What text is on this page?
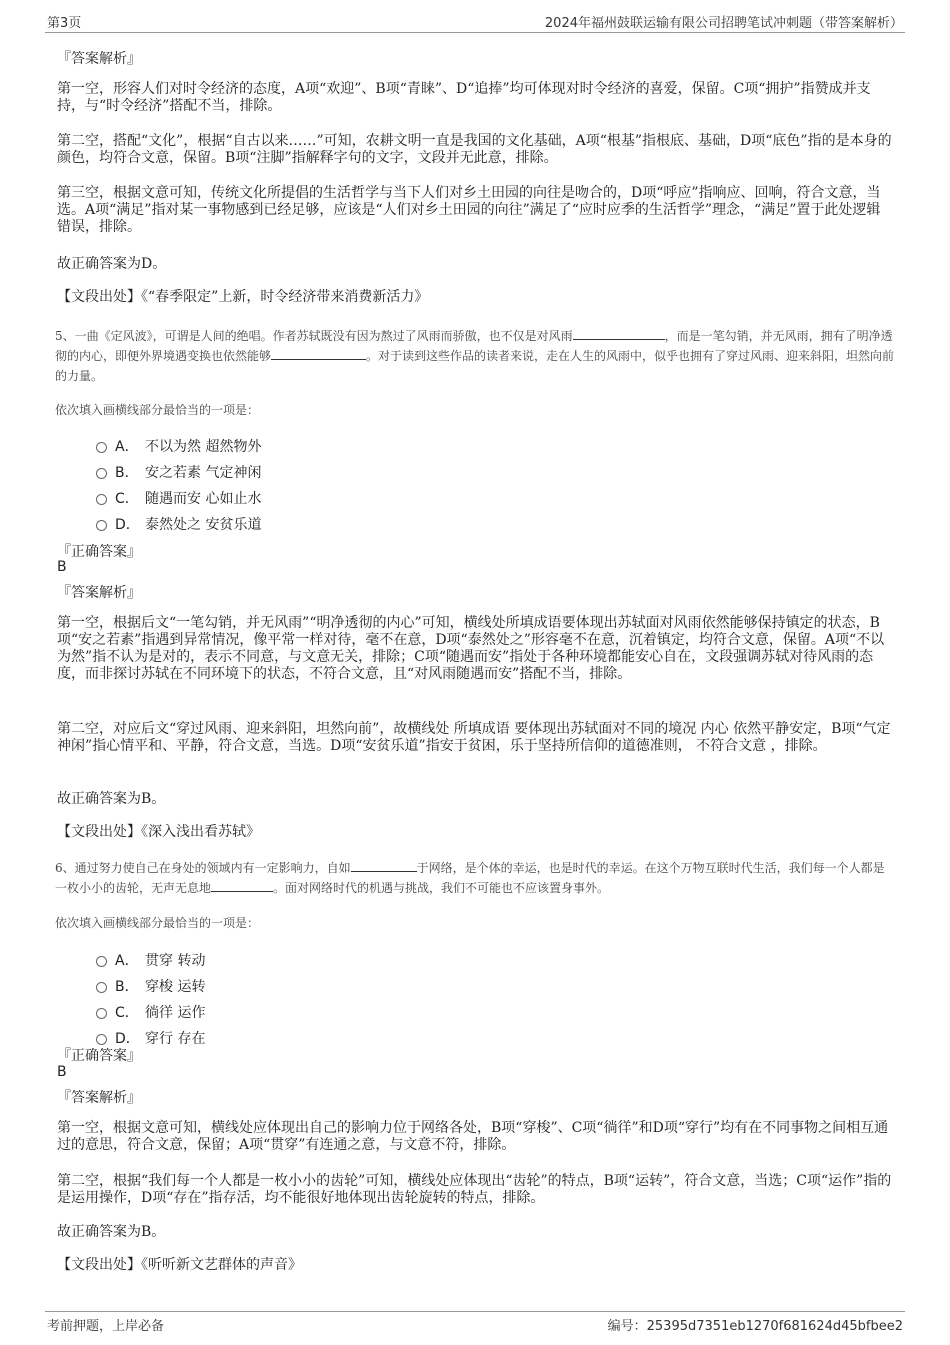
第3页	2024年福州鼓联运输有限公司招聘笔试冲刺题（带答案解析）
『答案解析』
第一空，形容人们对时令经济的态度，A项“欢迎”、B项“青睐”、D“追捧”均可体现对时令经济的喜爱，保留。C项“拥护”指赞成并支持，与“时令经济”搭配不当，排除。
第二空，搭配“文化”，根据“自古以来……”可知，农耕文明一直是我国的文化基础，A项“根基”指根底、基础，D项“底色”指的是本身的颜色，均符合文意，保留。B项“注脚”指解释字句的文字，文段并无此意，排除。
第三空，根据文意可知，传统文化所提倡的生活哲学与当下人们对乡土田园的向往是吻合的，D项“呼应”指响应、回响，符合文意，当选。A项“满足”指对某一事物感到已经足够，应该是“人们对乡土田园的向往”满足了“应时应季的生活哲学”理念，“满足”置于此处逻辑错误，排除。
故正确答案为D。
【文段出处】《“春季限定”上新，时令经济带来消费新活力》
5、一曲《定风波》，可谓是人间的绝唱。作者苏轼既没有因为熬过了风雨而骄傲，也不仅是对风雨	，而是一笔勾销，并无风雨，拥有了明净透彻的内心，即便外界境遇变换也依然能够	。对于读到这些作品的读者来说，走在人生的风雨中，似乎也拥有了穿过风雨、迎来斜阳，坦然向前的力量。
依次填入画横线部分最恰当的一项是：
A． 不以为然 超然物外
B． 安之若素 气定神闲
C． 随遇而安 心如止水
D． 泰然处之 安贫乐道
『正确答案』
B
『答案解析』
第一空，根据后文“一笔勾销，并无风雨”“明净透彻的内心”可知，横线处所填成语要体现出苏轼面对风雨依然能够保持镇定的状态，B项“安之若素”指遇到异常情况，像平常一样对待，毫不在意，D项“泰然处之”形容毫不在意，沉着镇定，均符合文意，保留。A项“不以为然”指不认为是对的，表示不同意，与文意无关，排除；C项“随遇而安”指处于各种环境都能安心自在，文段强调苏轼对待风雨的态度，而非探讨苏轼在不同环境下的状态，不符合文意，且“对风雨随遇而安”搭配不当，排除。
第二空，对应后文“穿过风雨、迎来斜阳，坦然向前”，故横线处 所填成语 要体现出苏轼面对不同的境况 内心 依然平静安定，B项“气定神闲”指心情平和、平静，符合文意，当选。D项“安贫乐道”指安于贫困，乐于坚持所信仰的道德准则， 不符合文意 ，排除。
故正确答案为B。
【文段出处】《深入浅出看苏轼》
6、通过努力使自己在身处的领域内有一定影响力，自如	于网络，是个体的幸运，也是时代的幸运。在这个万物互联时代生活，我们每一个人都是一枚小小的齿轮，无声无息地	。面对网络时代的机遇与挑战，我们不可能也不应该置身事外。
依次填入画横线部分最恰当的一项是：
A． 贯穿 转动
B． 穿梭 运转
C． 徜徉 运作
D． 穿行 存在
『正确答案』
B
『答案解析』
第一空，根据文意可知，横线处应体现出自己的影响力位于网络各处，B项“穿梭”、C项“徜徉”和D项“穿行”均有在不同事物之间相互通过的意思，符合文意，保留；A项“贯穿”有连通之意，与文意不符，排除。
第二空，根据“我们每一个人都是一枚小小的齿轮”可知，横线处应体现出“齿轮”的特点，B项“运转”，符合文意，当选；C项“运作”指的是运用操作，D项“存在”指存活，均不能很好地体现出齿轮旋转的特点，排除。
故正确答案为B。
【文段出处】《听听新文艺群体的声音》
考前押题，上岸必备	编号：25395d7351eb1270f681624d45bfbee2
